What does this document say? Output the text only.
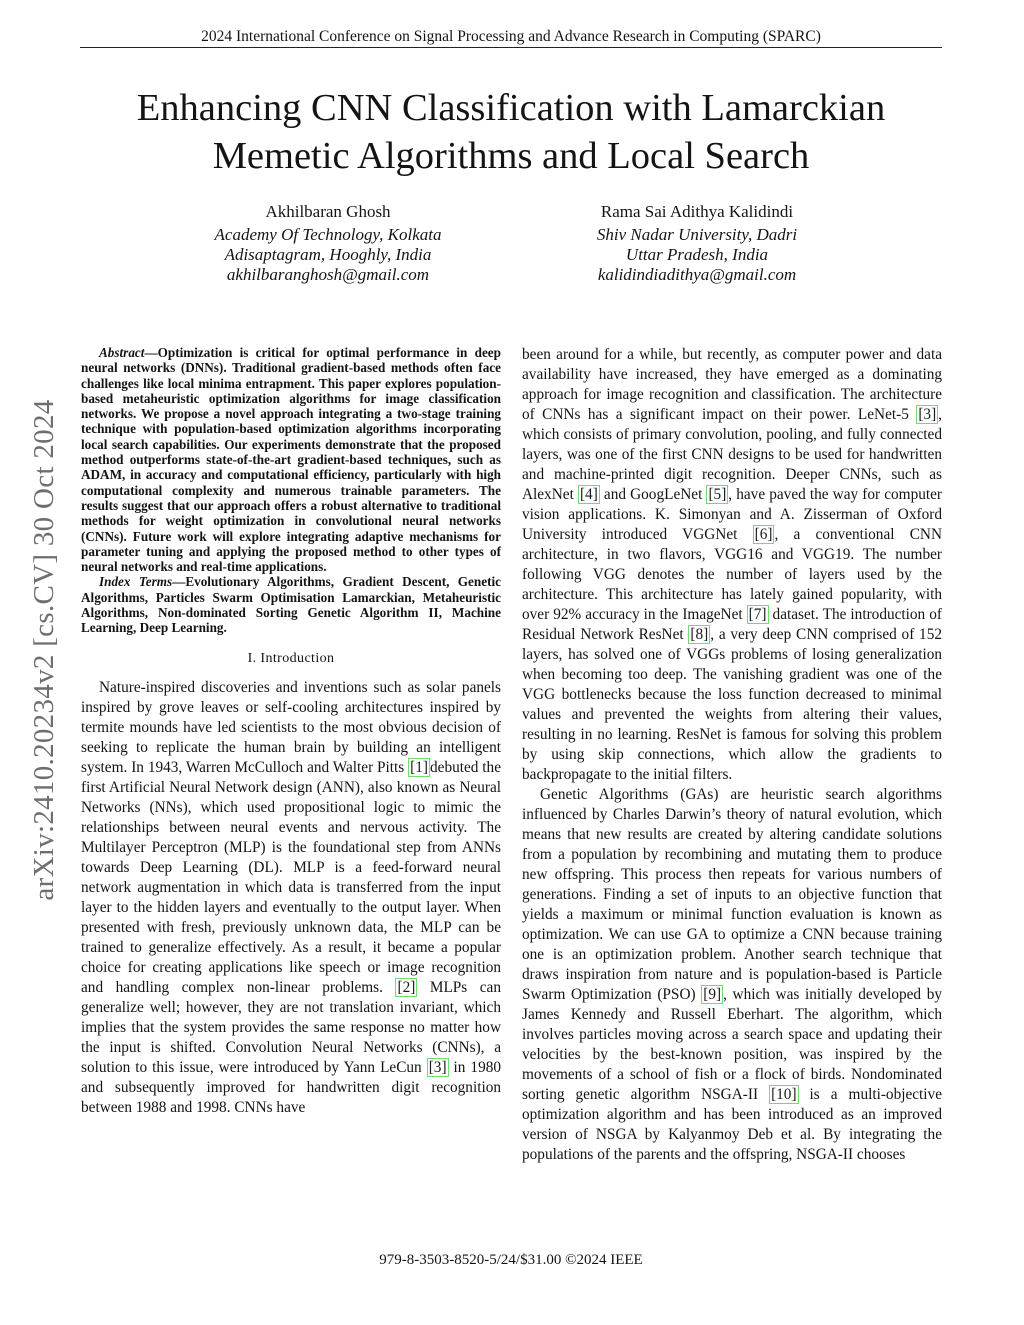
2024 International Conference on Signal Processing and Advance Research in Computing (SPARC)
arXiv:2410.20234v2 [cs.CV] 30 Oct 2024
Enhancing CNN Classification with Lamarckian Memetic Algorithms and Local Search
Akhilbaran Ghosh
Academy Of Technology, Kolkata
Adisaptagram, Hooghly, India
akhilbaranghosh@gmail.com
Rama Sai Adithya Kalidindi
Shiv Nadar University, Dadri
Uttar Pradesh, India
kalidindiadithya@gmail.com

Abstract—Optimization is critical for optimal performance in deep neural networks (DNNs). Traditional gradient-based methods often face challenges like local minima entrapment. This paper explores population-based metaheuristic optimization algorithms for image classification networks. We propose a novel approach integrating a two-stage training technique with population-based optimization algorithms incorporating local search capabilities. Our experiments demonstrate that the proposed method outperforms state-of-the-art gradient-based techniques, such as ADAM, in accuracy and computational efficiency, particularly with high computational complexity and numerous trainable parameters. The results suggest that our approach offers a robust alternative to traditional methods for weight optimization in convolutional neural networks (CNNs). Future work will explore integrating adaptive mechanisms for parameter tuning and applying the proposed method to other types of neural networks and real-time applications.

Index Terms—Evolutionary Algorithms, Gradient Descent, Genetic Algorithms, Particles Swarm Optimisation Lamarckian, Metaheuristic Algorithms, Non-dominated Sorting Genetic Algorithm II, Machine Learning, Deep Learning.

I. Introduction

Nature-inspired discoveries and inventions such as solar panels inspired by grove leaves or self-cooling architectures inspired by termite mounds have led scientists to the most obvious decision of seeking to replicate the human brain by building an intelligent system. In 1943, Warren McCulloch and Walter Pitts [1] debuted the first Artificial Neural Network design (ANN), also known as Neural Networks (NNs), which used propositional logic to mimic the relationships between neural events and nervous activity. The Multilayer Perceptron (MLP) is the foundational step from ANNs towards Deep Learning (DL). MLP is a feed-forward neural network augmentation in which data is transferred from the input layer to the hidden layers and eventually to the output layer. When presented with fresh, previously unknown data, the MLP can be trained to generalize effectively. As a result, it became a popular choice for creating applications like speech or image recognition and handling complex non-linear problems. [2] MLPs can generalize well; however, they are not translation invariant, which implies that the system provides the same response no matter how the input is shifted. Convolution Neural Networks (CNNs), a solution to this issue, were introduced by Yann LeCun [3] in 1980 and subsequently improved for handwritten digit recognition between 1988 and 1998. CNNs have

been around for a while, but recently, as computer power and data availability have increased, they have emerged as a dominating approach for image recognition and classification. The architecture of CNNs has a significant impact on their power. LeNet-5 [3] , which consists of primary convolution, pooling, and fully connected layers, was one of the first CNN designs to be used for handwritten and machine-printed digit recognition. Deeper CNNs, such as AlexNet [4] and GoogLeNet [5] , have paved the way for computer vision applications. K. Simonyan and A. Zisserman of Oxford University introduced VGGNet [6] , a conventional CNN architecture, in two flavors, VGG16 and VGG19. The number following VGG denotes the number of layers used by the architecture. This architecture has lately gained popularity, with over 92% accuracy in the ImageNet [7] dataset. The introduction of Residual Network ResNet [8] , a very deep CNN comprised of 152 layers, has solved one of VGGs problems of losing generalization when becoming too deep. The vanishing gradient was one of the VGG bottlenecks because the loss function decreased to minimal values and prevented the weights from altering their values, resulting in no learning. ResNet is famous for solving this problem by using skip connections, which allow the gradients to backpropagate to the initial filters.

Genetic Algorithms (GAs) are heuristic search algorithms influenced by Charles Darwin’s theory of natural evolution, which means that new results are created by altering candidate solutions from a population by recombining and mutating them to produce new offspring. This process then repeats for various numbers of generations. Finding a set of inputs to an objective function that yields a maximum or minimal function evaluation is known as optimization. We can use GA to optimize a CNN because training one is an optimization problem. Another search technique that draws inspiration from nature and is population-based is Particle Swarm Optimization (PSO) [9] , which was initially developed by James Kennedy and Russell Eberhart. The algorithm, which involves particles moving across a search space and updating their velocities by the best-known position, was inspired by the movements of a school of fish or a flock of birds. Nondominated sorting genetic algorithm NSGA-II [10] is a multi-objective optimization algorithm and has been introduced as an improved version of NSGA by Kalyanmoy Deb et al. By integrating the populations of the parents and the offspring, NSGA-II chooses

979-8-3503-8520-5/24/$31.00 ©2024 IEEE
